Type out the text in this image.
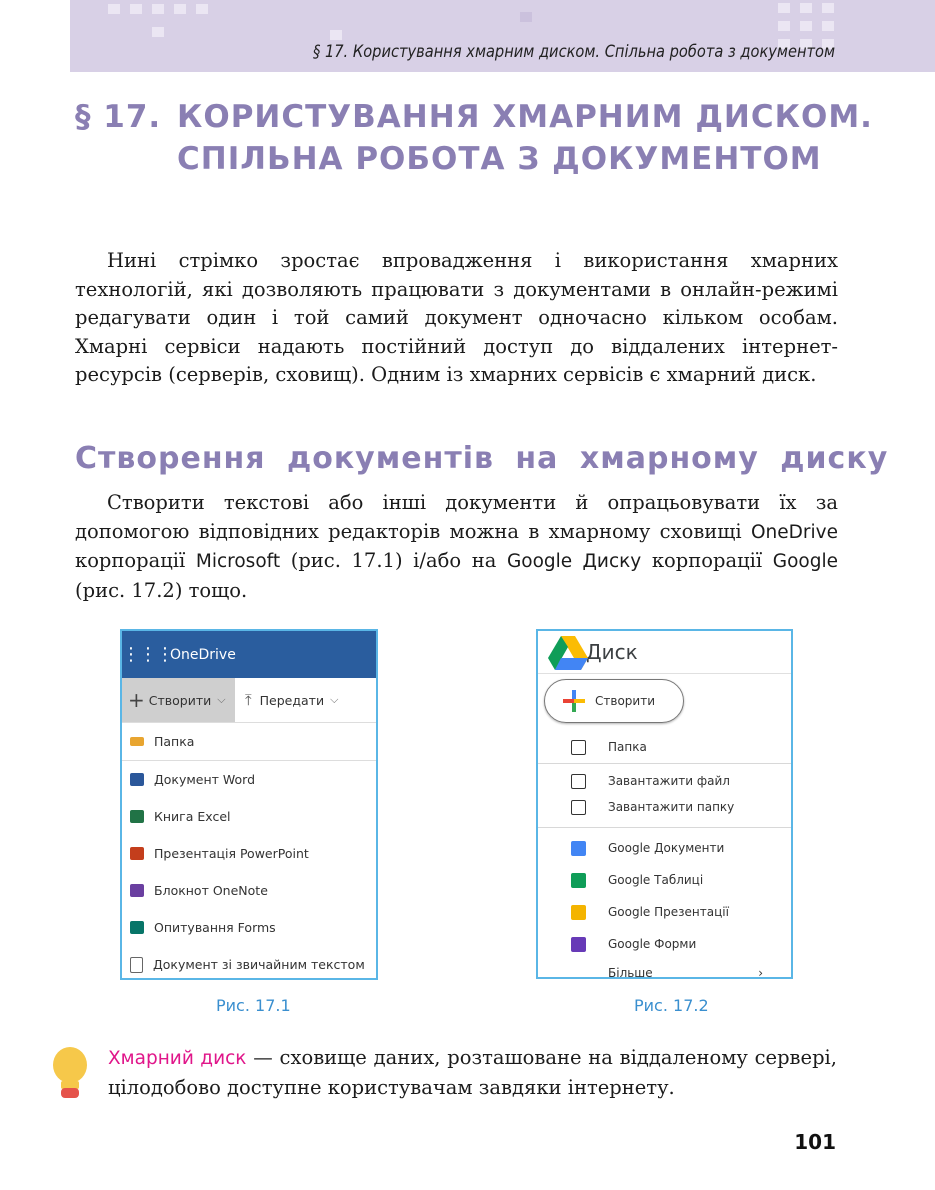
§ 17. Користування хмарним диском. Спільна робота з документом
§ 17. КОРИСТУВАННЯ ХМАРНИМ ДИСКОМ.
СПІЛЬНА РОБОТА З ДОКУМЕНТОМ

Нині стрімко зростає впровадження і використання хмарних технологій, які дозволяють працювати з документами в онлайн-режимі редагувати один і той самий документ одночасно кільком особам. Хмарні сервіси надають постійний доступ до віддалених інтернет-ресурсів (серверів, сховищ). Одним із хмарних сервісів є хмарний диск.

Створення документів на хмарному диску

Створити текстові або інші документи й опрацьовувати їх за допомогою відповідних редакторів можна в хмарному сховищі OneDrive корпорації Microsoft (рис. 17.1) і/або на Google Диску корпорації Google (рис. 17.2) тощо.

⋮⋮⋮
OneDrive
+ Створити ⌵ ⤒ Передати ⌵
Папка
Документ Word
Книга Excel
Презентація PowerPoint
Блокнот OneNote
Опитування Forms
Документ зі звичайним текстом
Рис. 17.1
Диск
Створити
Папка
Завантажити файл
Завантажити папку
Google Документи
Google Таблиці
Google Презентації
Google Форми
Більше	›
Рис. 17.2

Хмарний диск — сховище даних, розташоване на віддаленому сервері, цілодобово доступне користувачам завдяки інтернету.

101
